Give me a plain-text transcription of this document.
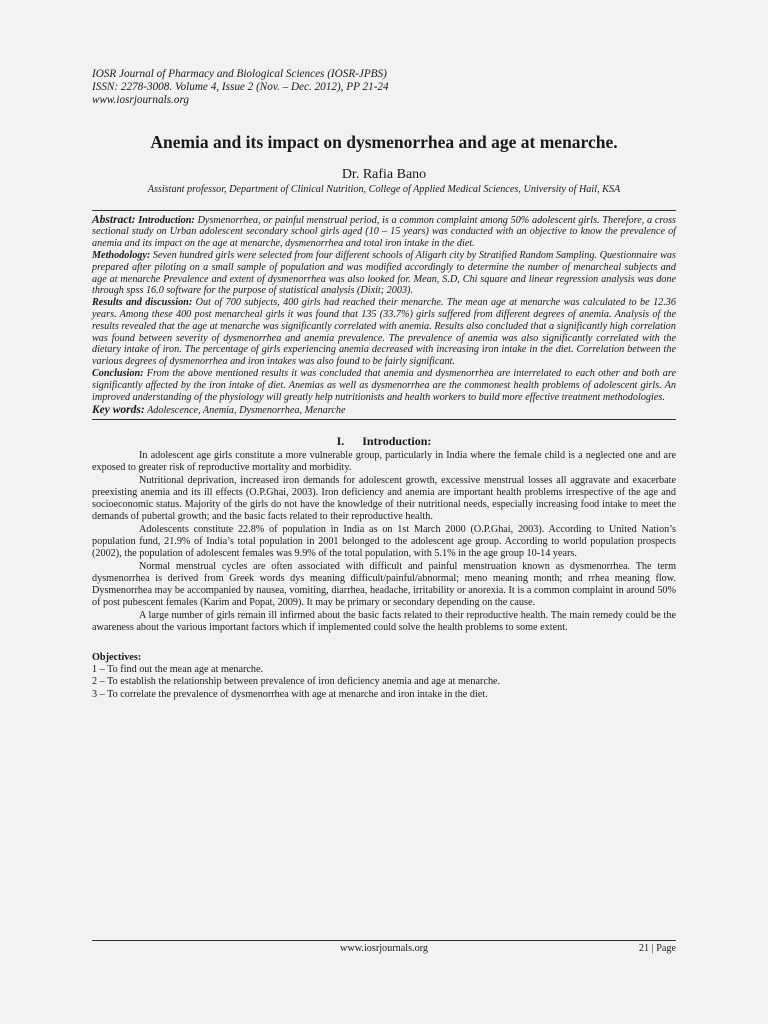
IOSR Journal of Pharmacy and Biological Sciences (IOSR-JPBS)
ISSN: 2278-3008. Volume 4, Issue 2 (Nov. – Dec. 2012), PP 21-24
www.iosrjournals.org
Anemia and its impact on dysmenorrhea and age at menarche.
Dr. Rafia Bano
Assistant professor, Department of Clinical Nutrition, College of Applied Medical Sciences, University of Hail, KSA

Abstract: Introduction: Dysmenorrhea, or painful menstrual period, is a common complaint among 50% adolescent girls. Therefore, a cross sectional study on Urban adolescent secondary school girls aged (10 – 15 years) was conducted with an objective to know the prevalence of anemia and its impact on the age at menarche, dysmenorrhea and total iron intake in the diet.

Methodology: Seven hundred girls were selected from four different schools of Aligarh city by Stratified Random Sampling. Questionnaire was prepared after piloting on a small sample of population and was modified accordingly to determine the number of menarcheal subjects and age at menarche Prevalence and extent of dysmenorrhea was also looked for. Mean, S.D, Chi square and linear regression analysis was done through spss 16.0 software for the purpose of statistical analysis (Dixit; 2003).

Results and discussion: Out of 700 subjects, 400 girls had reached their menarche. The mean age at menarche was calculated to be 12.36 years. Among these 400 post menarcheal girls it was found that 135 (33.7%) girls suffered from different degrees of anemia. Analysis of the results revealed that the age at menarche was significantly correlated with anemia. Results also concluded that a significantly high correlation was found between severity of dysmenorrhea and anemia prevalence. The prevalence of anemia was also significantly correlated with the dietary intake of iron. The percentage of girls experiencing anemia decreased with increasing iron intake in the diet. Correlation between the various degrees of dysmenorrhea and iron intakes was also found to be fairly significant.

Conclusion: From the above mentioned results it was concluded that anemia and dysmenorrhea are interrelated to each other and both are significantly affected by the iron intake of diet. Anemias as well as dysmenorrhea are the commonest health problems of adolescent girls. An improved understanding of the physiology will greatly help nutritionists and health workers to build more effective treatment methodologies.

Key words: Adolescence, Anemia, Dysmenorrhea, Menarche
I. Introduction:

In adolescent age girls constitute a more vulnerable group, particularly in India where the female child is a neglected one and are exposed to greater risk of reproductive mortality and morbidity.

Nutritional deprivation, increased iron demands for adolescent growth, excessive menstrual losses all aggravate and exacerbate preexisting anemia and its ill effects (O.P.Ghai, 2003). Iron deficiency and anemia are important health problems irrespective of the age and socioeconomic status. Majority of the girls do not have the knowledge of their nutritional needs, especially increasing food intake to meet the demands of pubertal growth; and the basic facts related to their reproductive health.

Adolescents constitute 22.8% of population in India as on 1st March 2000 (O.P.Ghai, 2003). According to United Nation’s population fund, 21.9% of India’s total population in 2001 belonged to the adolescent age group. According to world population prospects (2002), the population of adolescent females was 9.9% of the total population, with 5.1% in the age group 10-14 years.

Normal menstrual cycles are often associated with difficult and painful menstruation known as dysmenorrhea. The term dysmenorrhea is derived from Greek words dys meaning difficult/painful/abnormal; meno meaning month; and rrhea meaning flow. Dysmenorrhea may be accompanied by nausea, vomiting, diarrhea, headache, irritability or anorexia. It is a common complaint in around 50% of post pubescent females (Karim and Popat, 2009). It may be primary or secondary depending on the cause.

A large number of girls remain ill infirmed about the basic facts related to their reproductive health. The main remedy could be the awareness about the various important factors which if implemented could solve the health problems to some extent.

Objectives:
1 – To find out the mean age at menarche.
2 – To establish the relationship between prevalence of iron deficiency anemia and age at menarche.
3 – To correlate the prevalence of dysmenorrhea with age at menarche and iron intake in the diet.
www.iosrjournals.org	21 | Page
